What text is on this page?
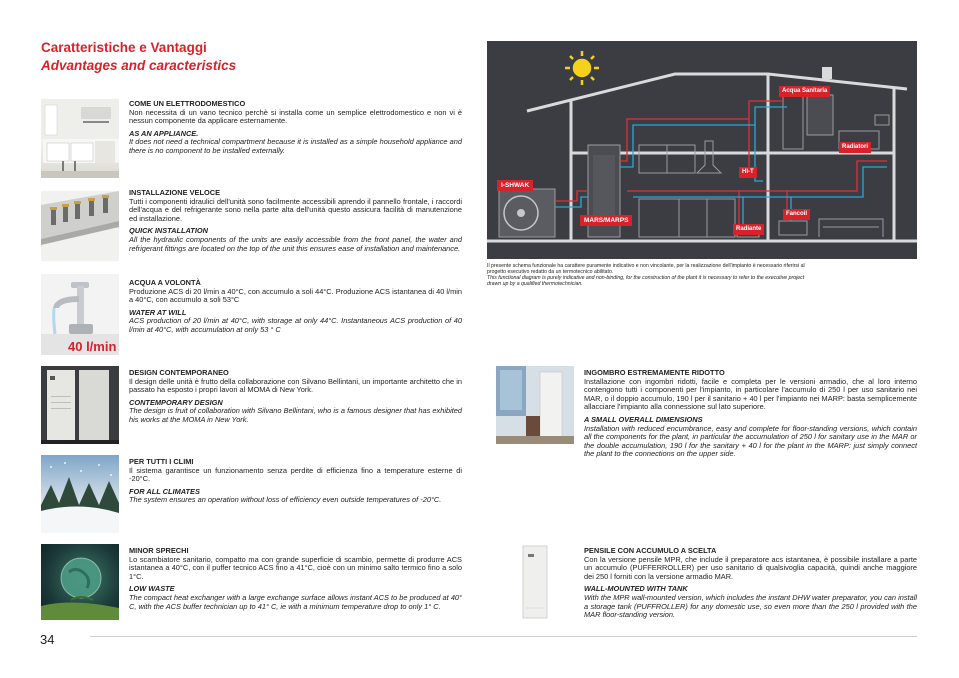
Caratteristiche e Vantaggi
Advantages and caracteristics
COME UN ELETTRODOMESTICO
Non necessita di un vano tecnico perchè si installa come un semplice elettrodomestico e non vi è nessun componente da applicare esternamente.
AS AN APPLIANCE.
It does not need a technical compartment because it is installed as a simple household appliance and there is no component to be installed externally.
INSTALLAZIONE VELOCE
Tutti i componenti idraulici dell'unità sono facilmente accessibili aprendo il pannello frontale, i raccordi dell'acqua e del refrigerante sono nella parte alta dell'unità questo assicura facilità di manutenzione ed installazione.
QUICK INSTALLATION
All the hydraulic components of the units are easily accessible from the front panel, the water and refrigerant fittings are located on the top of the unit this ensures ease of installation and maintenance.
40 l/min
ACQUA A VOLONTÀ
Produzione ACS di 20 l/min a 40°C, con accumulo a soli 44°C. Produzione ACS istantanea di 40 l/min a 40°C, con accumulo a soli 53°C
WATER AT WILL
ACS production of 20 l/min at 40°C, with storage at only 44°C. Instantaneous ACS production of 40 l/min at 40°C, with accumulation at only 53 ° C
DESIGN CONTEMPORANEO
Il design delle unità è frutto della collaborazione con Silvano Bellintani, un importante architetto che in passato ha esposto i propri lavori al MOMA di New York.
CONTEMPORARY DESIGN
The design is fruit of collaboration with Silvano Bellintani, who is a famous designer that has exhibited his works at the MOMA in New York.
PER TUTTI I CLIMI
Il sistema garantisce un funzionamento senza perdite di efficienza fino a temperature esterne di -20°C.
FOR ALL CLIMATES
The system ensures an operation without loss of efficiency even outside temperatures of -20°C.
MINOR SPRECHI
Lo scambiatore sanitario, compatto ma con grande superficie di scambio, permette di produrre ACS istantanea a 40°C, con il puffer tecnico ACS fino a 41°C, cioè con un minimo salto termico fino a solo 1°C.
LOW WASTE
The compact heat exchanger with a large exchange surface allows instant ACS to be produced at 40° C, with the ACS buffer technician up to 41° C, ie with a minimum temperature drop to only 1° C.
I-SHWAK
MARS/MARPS
Acqua Sanitaria
Radiatori
Radiante
Fancoil
HI-T
Il presente schema funzionale ha carattere puramente indicativo e non vincolante, per la realizzazione dell'impianto è necessario riferirsi al progetto esecutivo redatto da un termotecnico abilitato.
This functional diagram is purely indicative and non-binding, for the construction of the plant it is necessary to refer to the executive project drawn up by a qualified thermotechnician.
INGOMBRO ESTREMAMENTE RIDOTTO
Installazione con ingombri ridotti, facile e completa per le versioni armadio, che al loro interno contengono tutti i componenti per l'impianto, in particolare l'accumulo di 250 l per uso sanitario nei MAR, o il doppio accumulo, 190 l per il sanitario + 40 l per l'impianto nei MARP: basta semplicemente allacciare l'impianto alla connessione sul lato superiore.
A SMALL OVERALL DIMENSIONS
Installation with reduced encumbrance, easy and complete for floor-standing versions, which contain all the components for the plant, in particular the accumulation of 250 l for sanitary use in the MAR or the double accumulation, 190 l for the sanitary + 40 l for the plant in the MARP: just simply connect the plant to the connections on the upper side.
PENSILE CON ACCUMULO A SCELTA
Con la versione pensile MPR, che include il preparatore acs istantanea, è possibile installare a parte un accumulo (PUFFERROLLER) per uso sanitario di qualsivoglia capacità, quindi anche maggiore dei 250 l forniti con la versione armadio MAR.
WALL-MOUNTED WITH TANK
With the MPR wall-mounted version, which includes the instant DHW water preparator, you can install a storage tank (PUFFROLLER) for any domestic use, so even more than the 250 l provided with the MAR floor-standing version.
34
